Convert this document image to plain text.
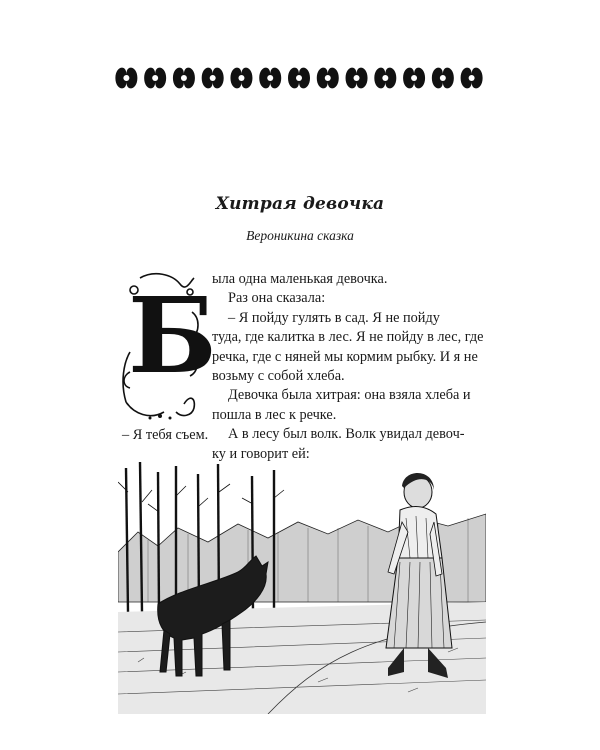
Хитрая девочка
Вероникина сказка
Б

ыла одна маленькая девочка.

Раз она сказала:

– Я пойду гулять в сад. Я не пойду

туда, где калитка в лес. Я не пойду в лес, где

речка, где с няней мы кормим рыбку. И я не

возьму с собой хлеба.

Девочка была хитрая: она взяла хлеба и

пошла в лес к речке.

А в лесу был волк. Волк увидал девоч-

ку и говорит ей:

– Я тебя съем.
